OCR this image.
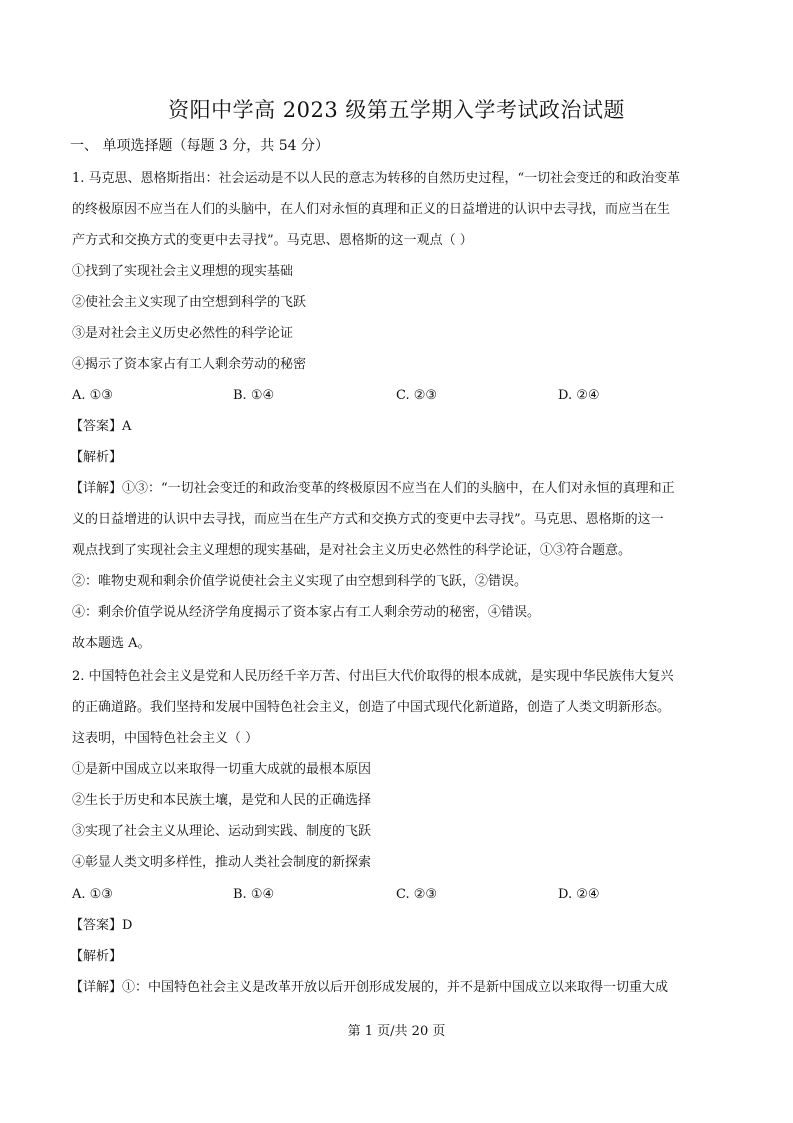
资阳中学高 2023 级第五学期入学考试政治试题
一、 单项选择题（每题 3 分，共 54 分）
1. 马克思、恩格斯指出：社会运动是不以人民的意志为转移的自然历史过程，“一切社会变迁的和政治变革
的终极原因不应当在人们的头脑中，在人们对永恒的真理和正义的日益增进的认识中去寻找，而应当在生
产方式和交换方式的变更中去寻找”。马克思、恩格斯的这一观点（ ）
①找到了实现社会主义理想的现实基础
②使社会主义实现了由空想到科学的飞跃
③是对社会主义历史必然性的科学论证
④揭示了资本家占有工人剩余劳动的秘密
A. ①③	B. ①④	C. ②③	D. ②④
【答案】A
【解析】
【详解】①③：“一切社会变迁的和政治变革的终极原因不应当在人们的头脑中，在人们对永恒的真理和正
义的日益增进的认识中去寻找，而应当在生产方式和交换方式的变更中去寻找”。马克思、恩格斯的这一
观点找到了实现社会主义理想的现实基础，是对社会主义历史必然性的科学论证，①③符合题意。
②：唯物史观和剩余价值学说使社会主义实现了由空想到科学的飞跃，②错误。
④：剩余价值学说从经济学角度揭示了资本家占有工人剩余劳动的秘密，④错误。
故本题选 A。
2. 中国特色社会主义是党和人民历经千辛万苦、付出巨大代价取得的根本成就，是实现中华民族伟大复兴
的正确道路。我们坚持和发展中国特色社会主义，创造了中国式现代化新道路，创造了人类文明新形态。
这表明，中国特色社会主义（ ）
①是新中国成立以来取得一切重大成就的最根本原因
②生长于历史和本民族土壤，是党和人民的正确选择
③实现了社会主义从理论、运动到实践、制度的飞跃
④彰显人类文明多样性，推动人类社会制度的新探索
A. ①③	B. ①④	C. ②③	D. ②④
【答案】D
【解析】
【详解】①：中国特色社会主义是改革开放以后开创形成发展的，并不是新中国成立以来取得一切重大成
第 1 页/共 20 页
